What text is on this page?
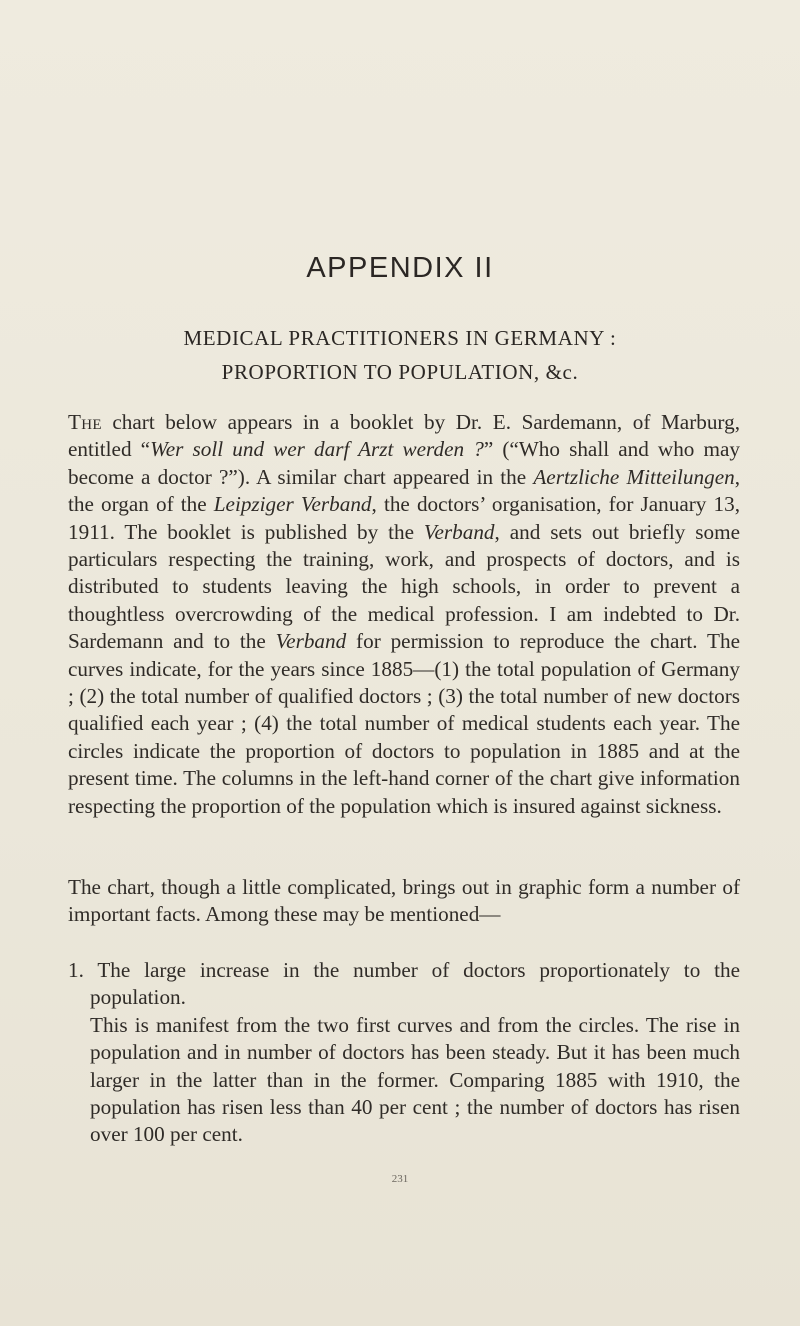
APPENDIX II
MEDICAL PRACTITIONERS IN GERMANY :
PROPORTION TO POPULATION, &c.

The chart below appears in a booklet by Dr. E. Sardemann, of Marburg, entitled “Wer soll und wer darf Arzt werden ?” (“Who shall and who may become a doctor ?”). A similar chart appeared in the Aertzliche Mitteilungen, the organ of the Leipziger Verband, the doctors’ organisation, for January 13, 1911. The booklet is published by the Verband, and sets out briefly some particulars respecting the training, work, and prospects of doctors, and is distributed to students leaving the high schools, in order to prevent a thoughtless overcrowding of the medical profession. I am indebted to Dr. Sardemann and to the Verband for permission to reproduce the chart. The curves indicate, for the years since 1885—(1) the total population of Germany ; (2) the total number of qualified doctors ; (3) the total number of new doctors qualified each year ; (4) the total number of medical students each year. The circles indicate the proportion of doctors to population in 1885 and at the present time. The columns in the left-hand corner of the chart give information respecting the proportion of the population which is insured against sickness.

The chart, though a little complicated, brings out in graphic form a number of important facts. Among these may be mentioned—

1. The large increase in the number of doctors proportionately to the population.

This is manifest from the two first curves and from the circles. The rise in population and in number of doctors has been steady. But it has been much larger in the latter than in the former. Comparing 1885 with 1910, the population has risen less than 40 per cent ; the number of doctors has risen over 100 per cent.

231
